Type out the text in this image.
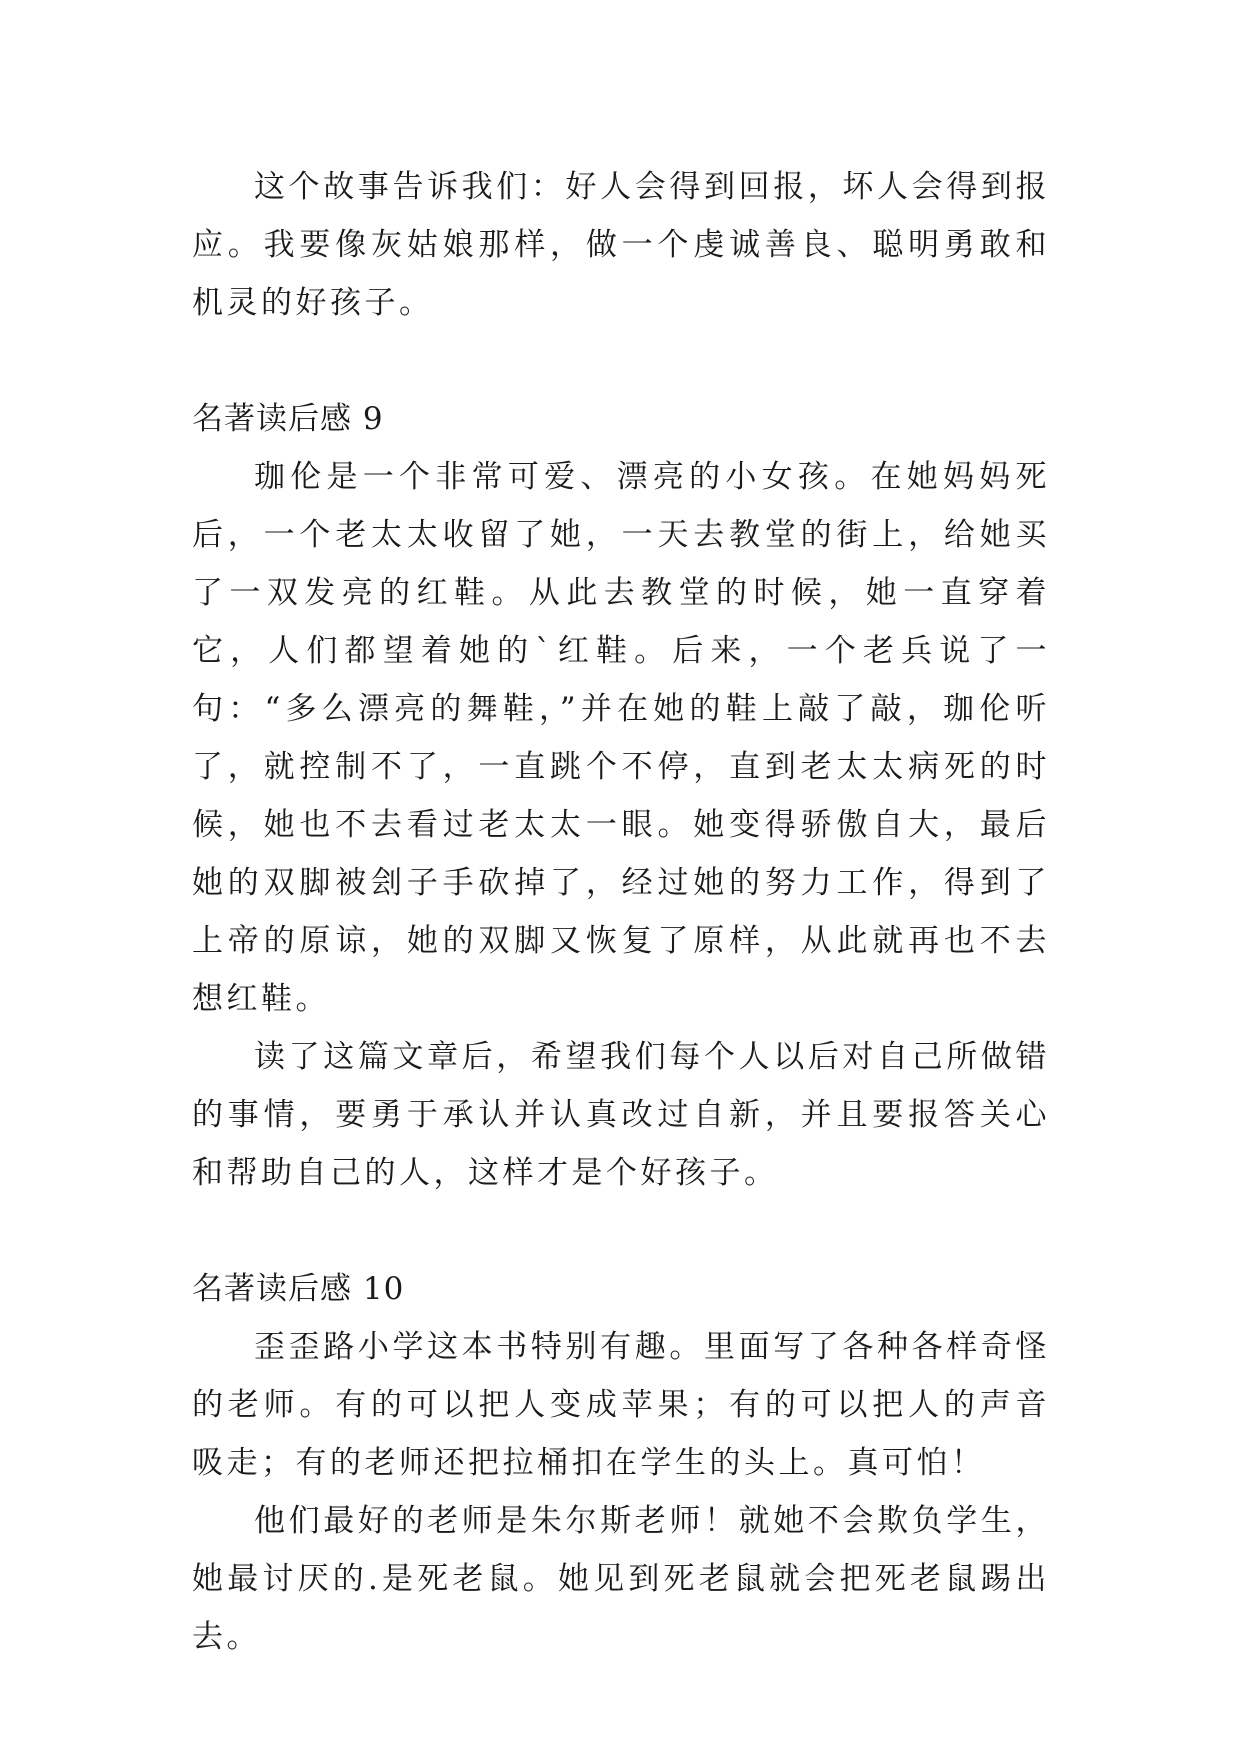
这个故事告诉我们：好人会得到回报，坏人会得到报应。我要像灰姑娘那样，做一个虔诚善良、聪明勇敢和机灵的好孩子。

名著读后感 9

珈伦是一个非常可爱、漂亮的小女孩。在她妈妈死后，一个老太太收留了她，一天去教堂的街上，给她买了一双发亮的红鞋。从此去教堂的时候，她一直穿着它，人们都望着她的`红鞋。后来，一个老兵说了一句：“多么漂亮的舞鞋，”并在她的鞋上敲了敲，珈伦听了，就控制不了，一直跳个不停，直到老太太病死的时候，她也不去看过老太太一眼。她变得骄傲自大，最后她的双脚被刽子手砍掉了，经过她的努力工作，得到了上帝的原谅，她的双脚又恢复了原样，从此就再也不去想红鞋。

读了这篇文章后，希望我们每个人以后对自己所做错的事情，要勇于承认并认真改过自新，并且要报答关心和帮助自己的人，这样才是个好孩子。

名著读后感 10

歪歪路小学这本书特别有趣。里面写了各种各样奇怪的老师。有的可以把人变成苹果；有的可以把人的声音吸走；有的老师还把拉桶扣在学生的头上。真可怕！

他们最好的老师是朱尔斯老师！就她不会欺负学生，她最讨厌的.是死老鼠。她见到死老鼠就会把死老鼠踢出去。
